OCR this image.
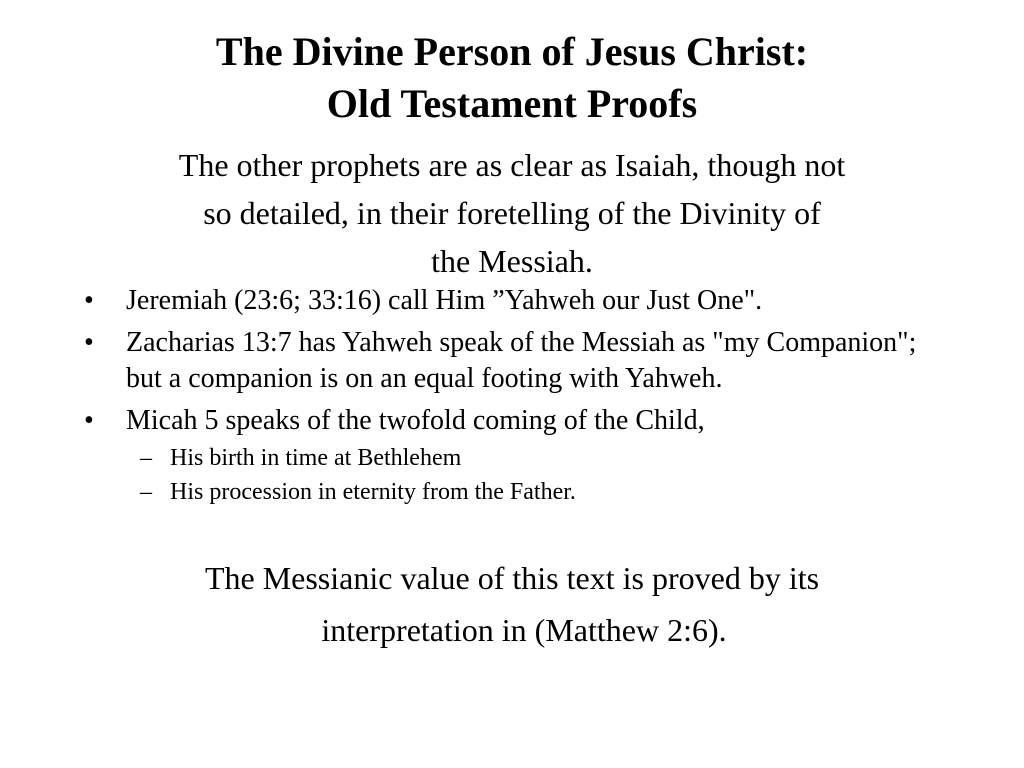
The Divine Person of Jesus Christ:
Old Testament Proofs
The other prophets are as clear as Isaiah, though not
so detailed, in their foretelling of the Divinity of
the Messiah.
•	Jeremiah (23:6; 33:16) call Him ”Yahweh our Just One".
•	Zacharias 13:7 has Yahweh speak of the Messiah as "my Companion"; but a companion is on an equal footing with Yahweh.
•	Micah 5 speaks of the twofold coming of the Child,
– His birth in time at Bethlehem
– His procession in eternity from the Father.
The Messianic value of this text is proved by its
interpretation in (Matthew 2:6).
